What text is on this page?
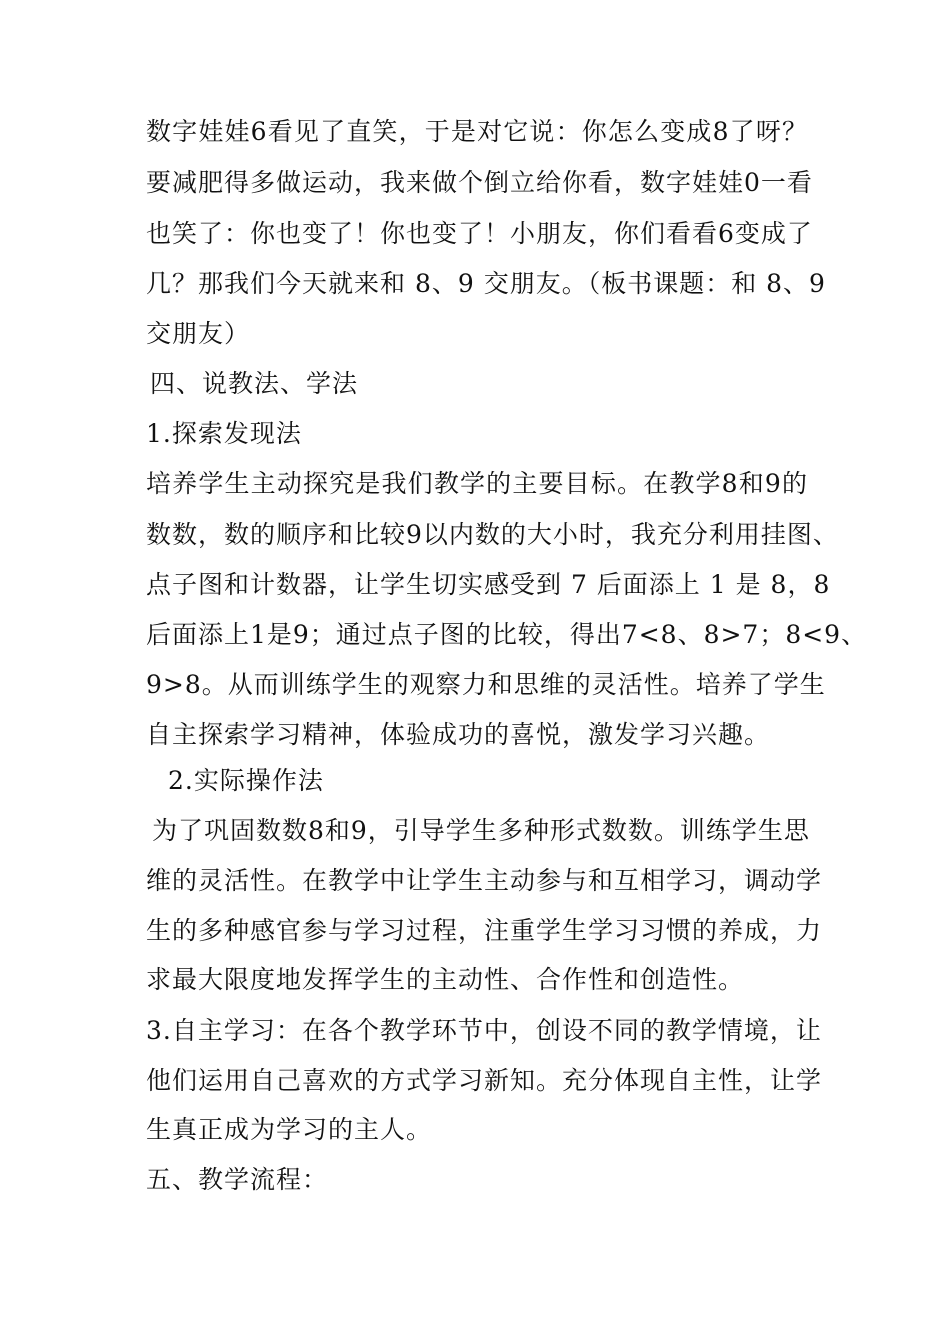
数字娃娃6看见了直笑，于是对它说：你怎么变成8了呀？
要减肥得多做运动，我来做个倒立给你看，数字娃娃0一看
也笑了：你也变了！你也变了！小朋友，你们看看6变成了
几？那我们今天就来和 8、9 交朋友。（板书课题：和 8、9
交朋友）
四、说教法、学法
1.探索发现法
培养学生主动探究是我们教学的主要目标。在教学8和9的
数数，数的顺序和比较9以内数的大小时，我充分利用挂图、
点子图和计数器，让学生切实感受到 7 后面添上 1 是 8，8
后面添上1是9；通过点子图的比较，得出7<8、8>7；8<9、
9>8。从而训练学生的观察力和思维的灵活性。培养了学生
自主探索学习精神，体验成功的喜悦，激发学习兴趣。
2.实际操作法
为了巩固数数8和9，引导学生多种形式数数。训练学生思
维的灵活性。在教学中让学生主动参与和互相学习，调动学
生的多种感官参与学习过程，注重学生学习习惯的养成，力
求最大限度地发挥学生的主动性、合作性和创造性。
3.自主学习：在各个教学环节中，创设不同的教学情境，让
他们运用自己喜欢的方式学习新知。充分体现自主性，让学
生真正成为学习的主人。
五、教学流程：
